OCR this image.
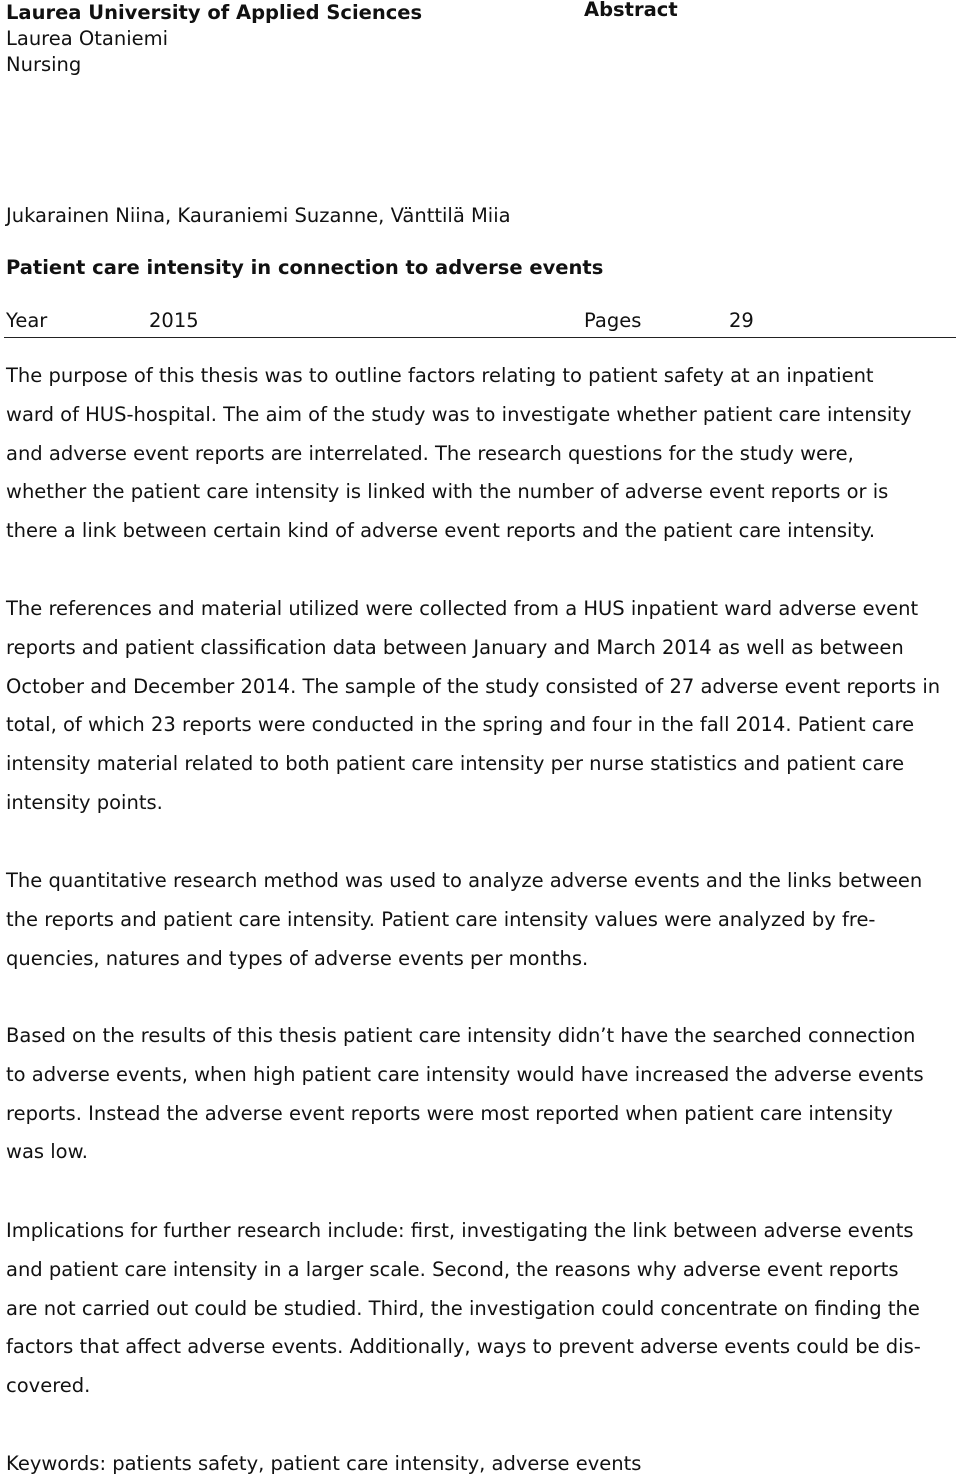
Laurea University of Applied Sciences
Laurea Otaniemi
Nursing
Abstract
Jukarainen Niina, Kauraniemi Suzanne, Vänttilä Miia
Patient care intensity in connection to adverse events
Year	2015	Pages	29
The purpose of this thesis was to outline factors relating to patient safety at an inpatient
ward of HUS-hospital. The aim of the study was to investigate whether patient care intensity
and adverse event reports are interrelated. The research questions for the study were,
whether the patient care intensity is linked with the number of adverse event reports or is
there a link between certain kind of adverse event reports and the patient care intensity.
The references and material utilized were collected from a HUS inpatient ward adverse event
reports and patient classification data between January and March 2014 as well as between
October and December 2014. The sample of the study consisted of 27 adverse event reports in
total, of which 23 reports were conducted in the spring and four in the fall 2014. Patient care
intensity material related to both patient care intensity per nurse statistics and patient care
intensity points.
The quantitative research method was used to analyze adverse events and the links between
the reports and patient care intensity. Patient care intensity values were analyzed by fre-
quencies, natures and types of adverse events per months.
Based on the results of this thesis patient care intensity didn’t have the searched connection
to adverse events, when high patient care intensity would have increased the adverse events
reports. Instead the adverse event reports were most reported when patient care intensity
was low.
Implications for further research include: first, investigating the link between adverse events
and patient care intensity in a larger scale. Second, the reasons why adverse event reports
are not carried out could be studied. Third, the investigation could concentrate on finding the
factors that affect adverse events. Additionally, ways to prevent adverse events could be dis-
covered.
Keywords: patients safety, patient care intensity, adverse events
